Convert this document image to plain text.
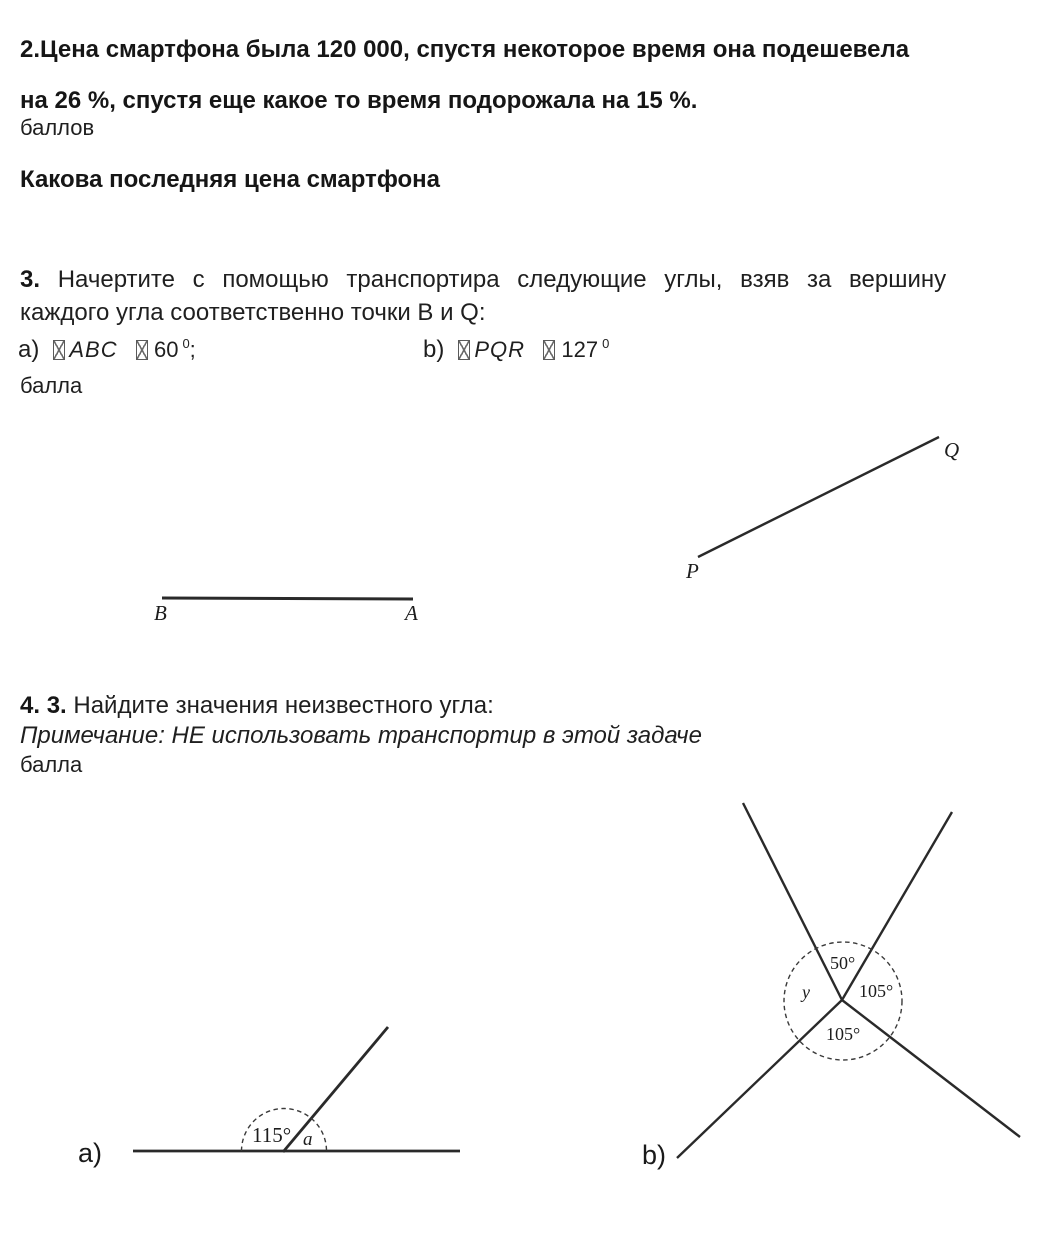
2.Цена смартфона была 120 000, спустя некоторое время она подешевела
на 26 %, спустя еще какое то время подорожала на 15 %.
баллов
Какова последняя цена смартфона
3. Начертите с помощью транспортира следующие углы, взяв за вершину
каждого угла соответственно точки B и Q:
a) ABC 60 $^0$;	b) PQR 127 $^0$
балла
4. 3. Найдите значения неизвестного угла:
Примечание: НЕ использовать транспортир в этой задаче
балла
a)	b)
P
Q
B	A
115° a
50°
105°
105°
y
